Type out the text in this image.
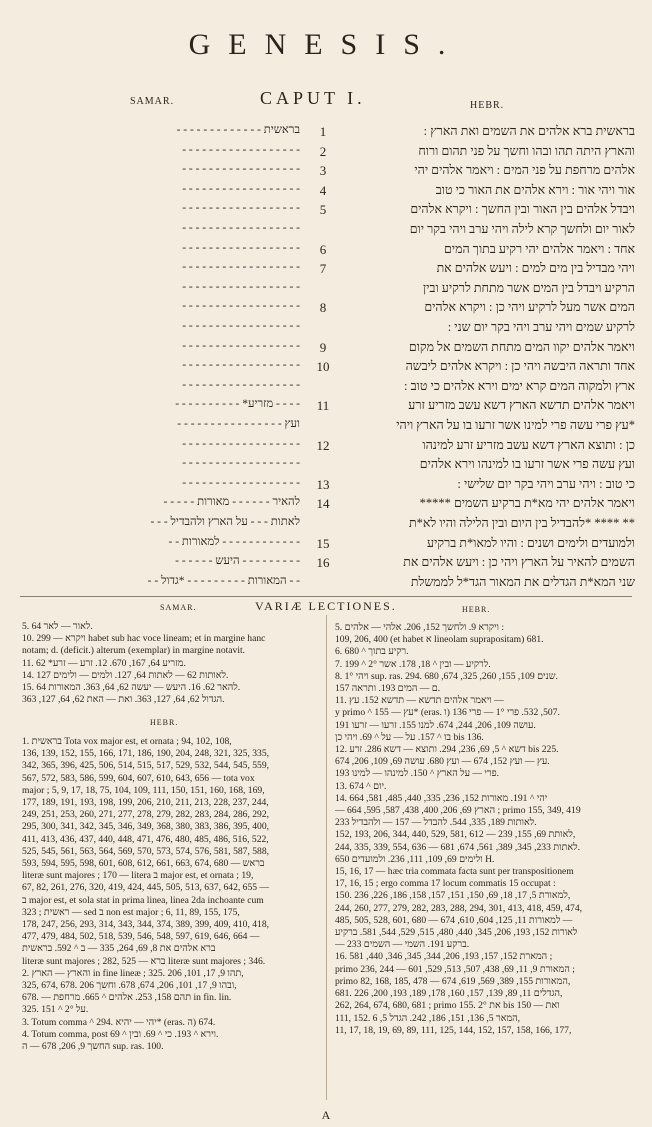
GENESIS.
SAMAR.	CAPUT I.	HEBR.
בראשית - - - - - - - - - - - - -	1	בראשית ברא אלהים את השמים ואת הארץ :
- - - - - - - - - - - - - - - - - -	2	והארץ היתה תהו ובהו וחשך על פני תהום ורוח
- - - - - - - - - - - - - - - - - -	3	אלהים מרחפת על פני המים : ויאמר אלהים יהי
- - - - - - - - - - - - - - - - - -	4	אור ויהי אור : וירא אלהים את האור כי טוב
- - - - - - - - - - - - - - - - - -	5	ויבדל אלהים בין האור ובין החשך : ויקרא אלהים
- - - - - - - - - - - - - - - - - -	לאור יום ולחשך קרא לילה ויהי ערב ויהי בקר יום
- - - - - - - - - - - - - - - - - -	6	אחד : ויאמר אלהים יהי רקיע בתוך המים
- - - - - - - - - - - - - - - - - -	7	ויהי מבדיל בין מים למים : ויעש אלהים את
- - - - - - - - - - - - - - - - - -	הרקיע ויבדל בין המים אשר מתחת לרקיע ובין
- - - - - - - - - - - - - - - - - -	8	המים אשר מעל לרקיע ויהי כן : ויקרא אלהים
- - - - - - - - - - - - - - - - - -	לרקיע שמים ויהי ערב ויהי בקר יום שני :
- - - - - - - - - - - - - - - - - -	9	ויאמר אלהים יקוו המים מתחת השמים אל מקום
- - - - - - - - - - - - - - - - - -	10	אחד ותראה היבשה ויהי כן : ויקרא אלהים ליבשה
- - - - - - - - - - - - - - - - - -	ארץ ולמקוה המים קרא ימים וירא אלהים כי טוב :
- - - - מזריע* - - - - - - - - - -	11	ויאמר אלהים תדשא הארץ דשא עשב מזריע זרע
ועץ - - - - - - - - - - - - - - - -	*עץ פרי עשה פרי למינו אשר זרעו בו על הארץ ויהי
- - - - - - - - - - - - - - - - - -	12	כן : ותוצא הארץ דשא עשב מזריע זרע למינהו
- - - - - - - - - - - - - - - - - -	ועץ עשה פרי אשר זרעו בו למינהו וירא אלהים
- - - - - - - - - - - - - - - - - -	13	כי טוב : ויהי ערב ויהי בקר יום שלישי :
להאיר - - - - - - מאורות - - - - -	14	ויאמר אלהים יהי מא*ת ברקיע השמים *****
לאתות - - - על הארץ ולהבדיל - - -	** **** *להבדיל בין היום ובין הלילה והיו לא*ת
- - - - - - - - - - - - למאורות - -	15	ולמועדים ולימים ושנים : והיו למאו*ת ברקיע
- - - - - - - - - היעש - - - - - -	16	השמים להאיר על הארץ ויהי כן : ויעש אלהים את
- - המאורות - - - - - - - - - *גדול - -	שני המא*ת הגדלים את המאור הגד*ל לממשלת
SAMAR.	VARIÆ LECTIONES.	HEBR.

5. לאור — לאר 64.

10. ויקרא — 299 habet sub hac voce lineam; et in margine hanc

notam; d. (deficit.) alterum (exemplar) in margine notavit.

11. מזריע 64, 167, 670. 12. זרע — זרע* 62.

14. לאותות 62 — לאתות 64, 127. ולמים — ולימים 127.

15. להאר 62. 16. היעש — יעשה 62, 64, 363. המאורות 64.

הגדול 62, 64, 127, 363. ואת — האת 62, 64, 127, 363.

HEBR.

1. בראשית Tota vox major est, et ornata ; 94, 102, 108,

136, 139, 152, 155, 166, 171, 186, 190, 204, 248, 321, 325, 335,

342, 365, 396, 425, 506, 514, 515, 517, 529, 532, 544, 545, 559,

567, 572, 583, 586, 599, 604, 607, 610, 643, 656 — tota vox

major ; 5, 9, 17, 18, 75, 104, 109, 111, 150, 151, 160, 168, 169,

177, 189, 191, 193, 198, 199, 206, 210, 211, 213, 228, 237, 244,

249, 251, 253, 260, 271, 277, 278, 279, 282, 283, 284, 286, 292,

295, 300, 341, 342, 345, 346, 349, 368, 380, 383, 386, 395, 400,

411, 413, 436, 437, 440, 448, 471, 476, 480, 485, 486, 516, 522,

525, 545, 561, 563, 564, 569, 570, 573, 574, 576, 581, 587, 588,

593, 594, 595, 598, 601, 608, 612, 661, 663, 674, 680 — בראש

literæ sunt majores ; 170 — litera ב major est, et ornata ; 19,

67, 82, 261, 276, 320, 419, 424, 445, 505, 513, 637, 642, 655 —

ב major est, et sola stat in prima linea, linea 2da inchoante cum

ראשית ; 323 — sed ב non est major ; 6, 11, 89, 155, 175,

178, 247, 256, 293, 314, 343, 344, 374, 389, 399, 409, 410, 418,

477, 479, 484, 502, 518, 539, 546, 548, 597, 619, 646, 664 —

ברא אלהים את 8, 69, 264, 335 — ב ^ 592. בראשית

literæ sunt majores ; 282, 525 — ברא literæ sunt majores ; 346.

2. והארץ — הארץ in fine lineæ ; 325. תהו 9, 17, 101, 206,

325, 674, 678. ובהו 9, 17, 101, 206, 674, 678. וחשך 206,

678. — תהם 158, 253. אלהים ^ 665. מרחפת in fin. lin.

325. על 2° ^ 151.

3. Totum comma ^ 294. יהי — יהיא* (eras. ה) 674.

4. Totum comma, post וירא ^ 193. כי ^ 69. ובין ^ 69.

החשך 9, 206, 678 — ה sup. ras. 100.

5. ויקרא 9. ולחשך 152, 206. אלהי — אלהים :

109, 206, 400 (et habet א lineolam suprapositam) 681.

6. רקיע בתוך ^ 680.

7. לרקיע — ובין ^ 18, 178. אשר 2° ^ 199.

8. ויהי 1° sup. ras. 294. שנים 109, 155, 260, 325, 674, 680.

ם — המים 193. ותראה 157.

11. ויאמר אלהים תדשא — תדשא 152. עץ —

y primo ^ 155 — עץ* (eras. ו) 507, 532. פרי 1° — פרי 136.

עושה 109, 206, 244, 674. למנו 155. זרעו — זרעו 191.

בו ^ 157. על — על ^ 69. ויהי כן bis 136.

12. דשא ^ 5, 69, 236, 294. ותוצא — דשא 286. זרע bis 225.

עץ — ועץ 152, 674 — ועץ 680. עושה 69, 109, 206, 674.

פרי — על הארץ ^ 150. למינהו — למינו 193.

13. יום ^ 674.

14. יהי ^ 191. מאורות 152, 236, 335, 440, 485, 581, 664

— הארץ 69, 206, 400, 438, 587, 595, 664 ; primo 155, 349, 419

לאותות 189, 335, 544. להבדל — 157 — ולהבדיל 233.

152, 193, 206, 344, 440, 529, 581, 612 — לאותת 69, 155, 239,

244, 335, 339, 554, 636 — לאתות 233, 345, 389, 561, 674, 681.

ולימים 69, 109, 111, 236. ולמועדים 650 H.

15, 16, 17 — hæc tria commata facta sunt per transpositionem

17, 16, 15 ; ergo comma 17 locum commatis 15 occupat :

150. למאורת 5, 17, 18, 69, 150, 151, 157, 158, 186, 226, 236,

244, 260, 277, 279, 282, 283, 288, 294, 301, 413, 418, 459, 474,

485, 505, 528, 601, 680 — למאורות 11, 125, 604, 610, 674 —

לאורות 152, 193, 206, 345, 440, 480, 515, 529, 544, 581. ברקיע

— ברקע 191. השמי — השמים 233.

16. המארת 152, 157, 193, 206, 344, 345, 346, 440, 581 ;

primo 236, 244 — המאורת 9, 11, 69, 438, 507, 513, 529, 601 ;

primo 82, 168, 185, 478 — המאורות 155, 389, 569, 619, 674,

681. הגדלים 11, 89, 139, 157, 160, 178, 189, 193, 200, 226,

262, 264, 674, 680, 681 ; primo 155. את 2° bis 150 — ואת

111, 152. המאר 5, 136, 151, 186, 242. הגדל 5, 6,

11, 17, 18, 19, 69, 89, 111, 125, 144, 152, 157, 158, 166, 177,

A
